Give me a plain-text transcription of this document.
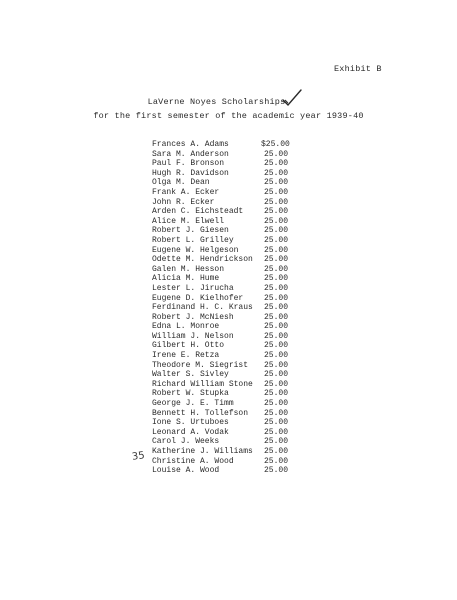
Exhibit B
LaVerne Noyes Scholarships
for the first semester of the academic year 1939-40
Frances A. Adams	$25.00
Sara M. Anderson	25.00
Paul F. Bronson	25.00
Hugh R. Davidson	25.00
Olga M. Dean	25.00
Frank A. Ecker	25.00
John R. Ecker	25.00
Arden C. Eichsteadt	25.00
Alice M. Elwell	25.00
Robert J. Giesen	25.00
Robert L. Grilley	25.00
Eugene W. Helgeson	25.00
Odette M. Hendrickson 25.00
Galen M. Hesson	25.00
Alicia M. Hume	25.00
Lester L. Jirucha	25.00
Eugene D. Kielhofer	25.00
Ferdinand H. C. Kraus 25.00
Robert J. McNiesh	25.00
Edna L. Monroe	25.00
William J. Nelson	25.00
Gilbert H. Otto	25.00
Irene E. Retza	25.00
Theodore M. Siegrist 25.00
Walter S. Sivley	25.00
Richard William Stone 25.00
Robert W. Stupka	25.00
George J. E. Timm	25.00
Bennett H. Tollefson 25.00
Ione S. Urtuboes	25.00
Leonard A. Vodak	25.00
Carol J. Weeks	25.00
Katherine J. Williams 25.00
Christine A. Wood	25.00
Louise A. Wood	25.00
35
